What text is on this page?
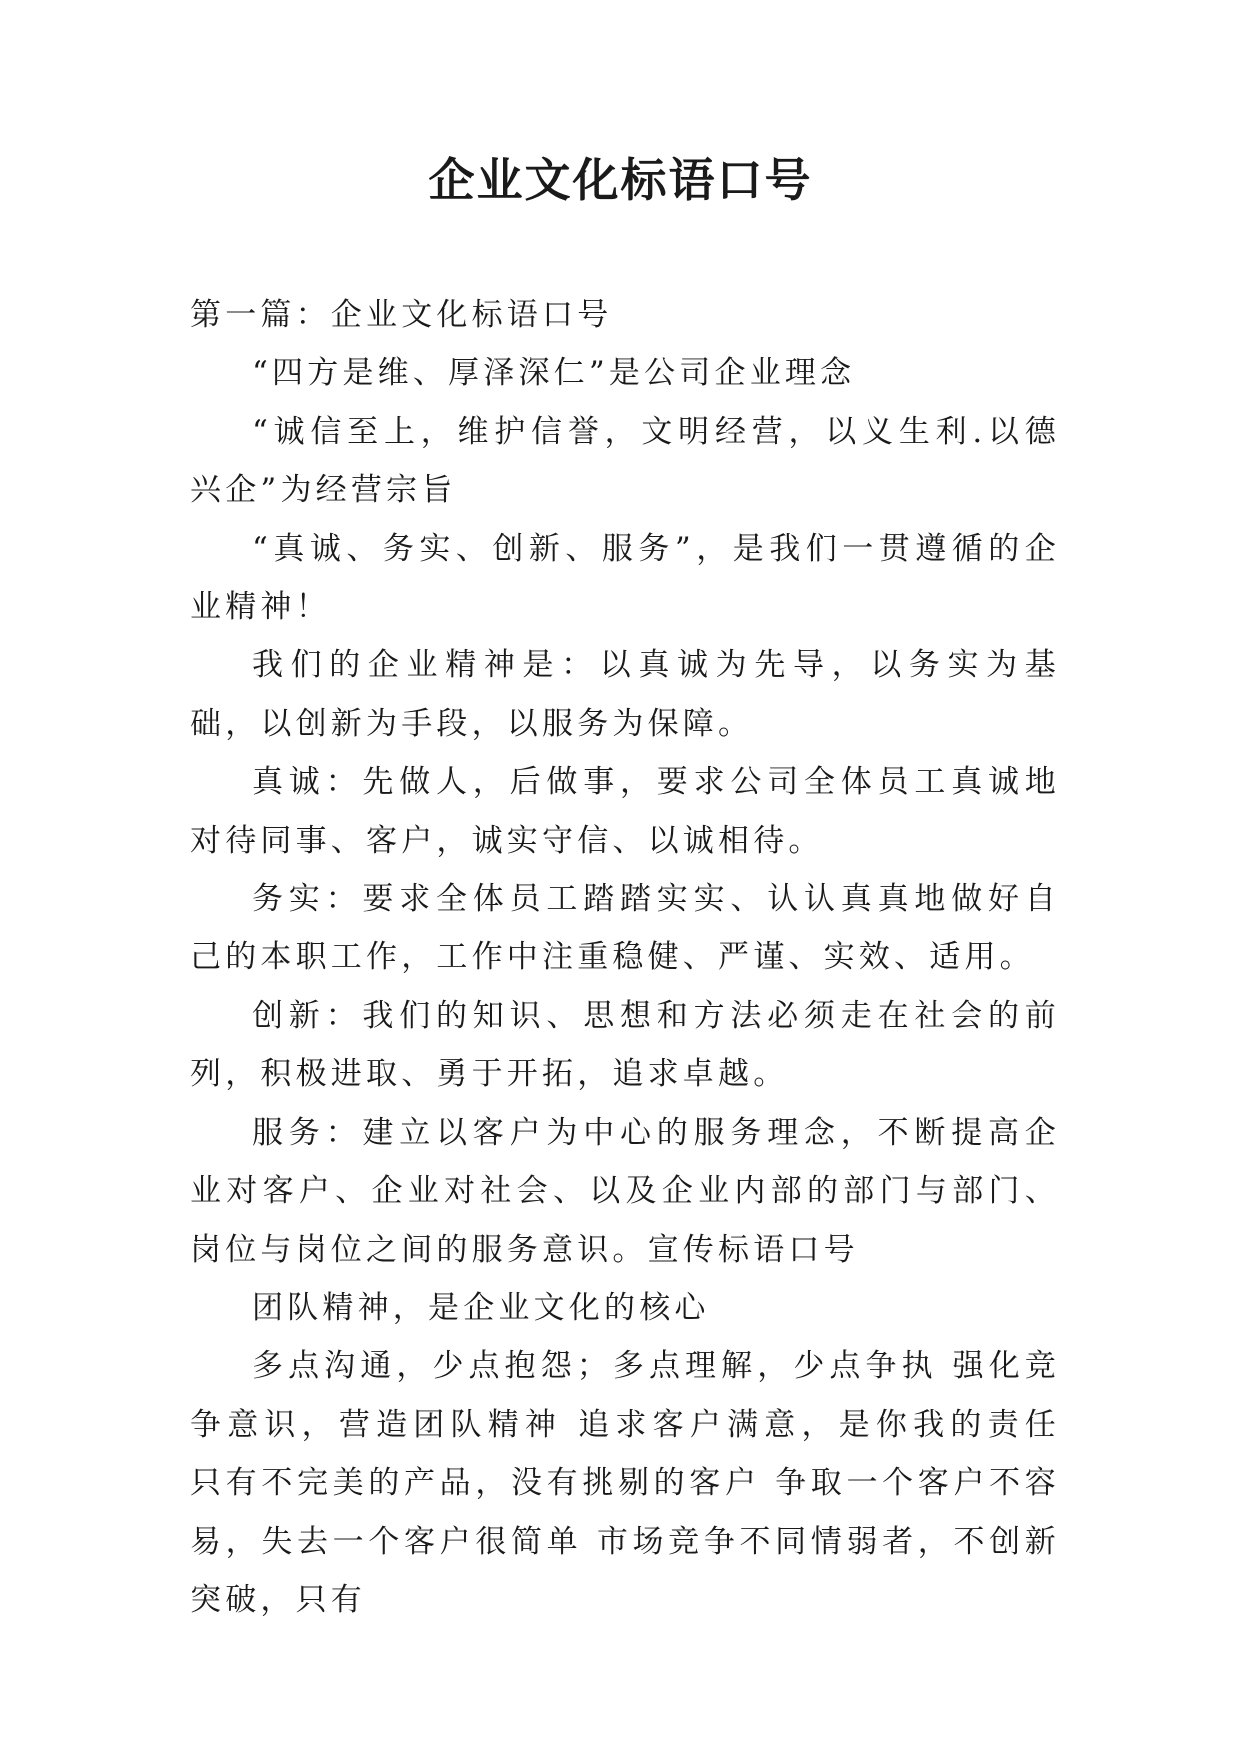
企业文化标语口号

第一篇：企业文化标语口号

“四方是维、厚泽深仁”是公司企业理念

“诚信至上，维护信誉，文明经营，以义生利.以德兴企”为经营宗旨

“真诚、务实、创新、服务”，是我们一贯遵循的企业精神！

我们的企业精神是：以真诚为先导，以务实为基础，以创新为手段，以服务为保障。

真诚：先做人，后做事，要求公司全体员工真诚地对待同事、客户，诚实守信、以诚相待。

务实：要求全体员工踏踏实实、认认真真地做好自己的本职工作，工作中注重稳健、严谨、实效、适用。

创新：我们的知识、思想和方法必须走在社会的前列，积极进取、勇于开拓，追求卓越。

服务：建立以客户为中心的服务理念，不断提高企业对客户、企业对社会、以及企业内部的部门与部门、岗位与岗位之间的服务意识。宣传标语口号

团队精神，是企业文化的核心

多点沟通，少点抱怨；多点理解，少点争执 强化竞争意识，营造团队精神 追求客户满意，是你我的责任 只有不完美的产品，没有挑剔的客户 争取一个客户不容易，失去一个客户很简单 市场竞争不同情弱者，不创新突破，只有
